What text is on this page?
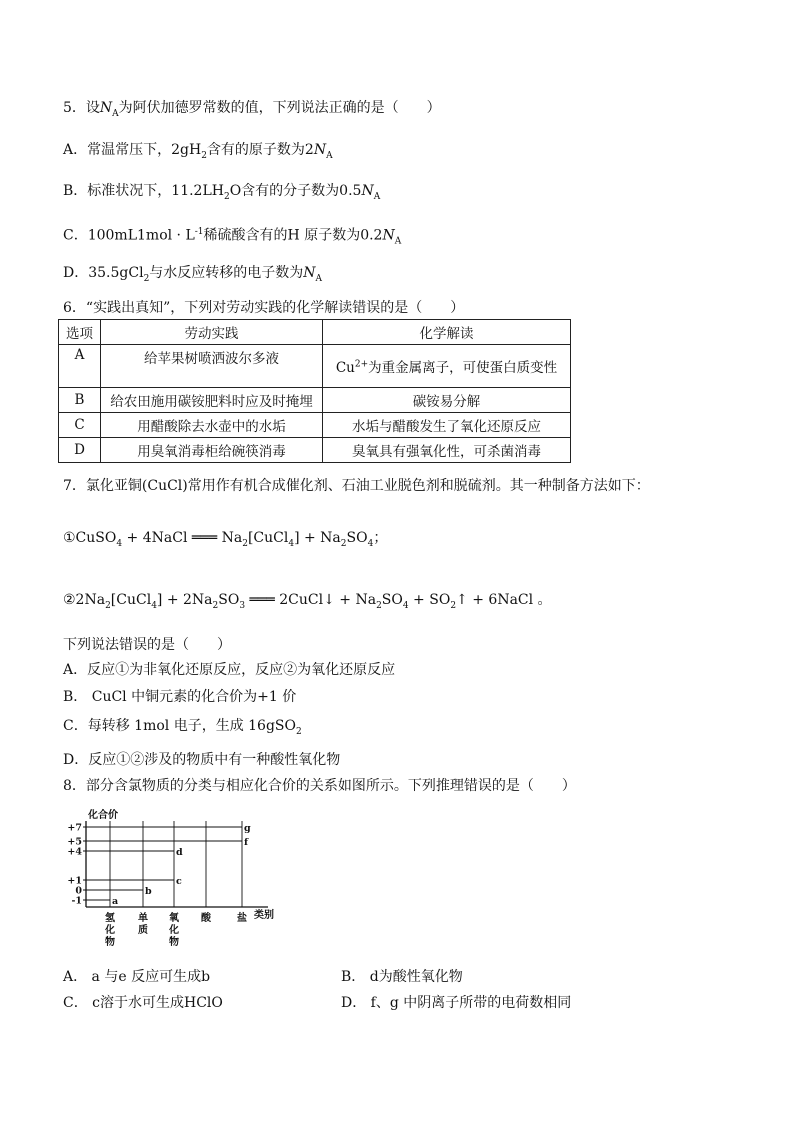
5．设$N_A$为阿伏加德罗常数的值，下列说法正确的是（　　）
A．常温常压下，$2gH_2$含有的原子数为$2N_A$
B．标准状况下，$11.2LH_2O$含有的分子数为$0.5N_A$
C．$100mL1mol \cdot L^{-1}$稀硫酸含有的H 原子数为$0.2N_A$
D．35.5gCl$_2$与水反应转移的电子数为$N_A$
6．“实践出真知”，下列对劳动实践的化学解读错误的是（　　）
选项	劳动实践	化学解读
A	给苹果树喷洒波尔多液	$Cu^{2+}$为重金属离子，可使蛋白质变性
B	给农田施用碳铵肥料时应及时掩埋	碳铵易分解
C	用醋酸除去水壶中的水垢	水垢与醋酸发生了氧化还原反应
D	用臭氧消毒柜给碗筷消毒	臭氧具有强氧化性，可杀菌消毒
7．氯化亚铜(CuCl)常用作有机合成催化剂、石油工业脱色剂和脱硫剂。其一种制备方法如下：
①CuSO$_4$ + 4NaCl ═══ $Na_2[CuCl_4] + Na_2SO_4$；
$②2Na_2[CuCl_4] + 2Na_2SO_3$ ═══ 2CuCl↓ + $Na_2SO_4$ + $SO_2↑$ + 6NaCl 。
下列说法错误的是（　　）
A．反应①为非氧化还原反应，反应②为氧化还原反应
B． CuCl 中铜元素的化合价为+1 价
C．每转移 1mol 电子，生成 16gSO$_2$
D．反应①②涉及的物质中有一种酸性氧化物
8．部分含氯物质的分类与相应化合价的关系如图所示。下列推理错误的是（　　）
化合价
类别
+7
+5
+4
+1
0
-1
氢
化
物
单
质
氧
化
物
酸	盐
a
b
c
d
f
g
A． a 与e 反应可生成b	B． d为酸性氧化物
C． c溶于水可生成HClO	D． f、g 中阴离子所带的电荷数相同
